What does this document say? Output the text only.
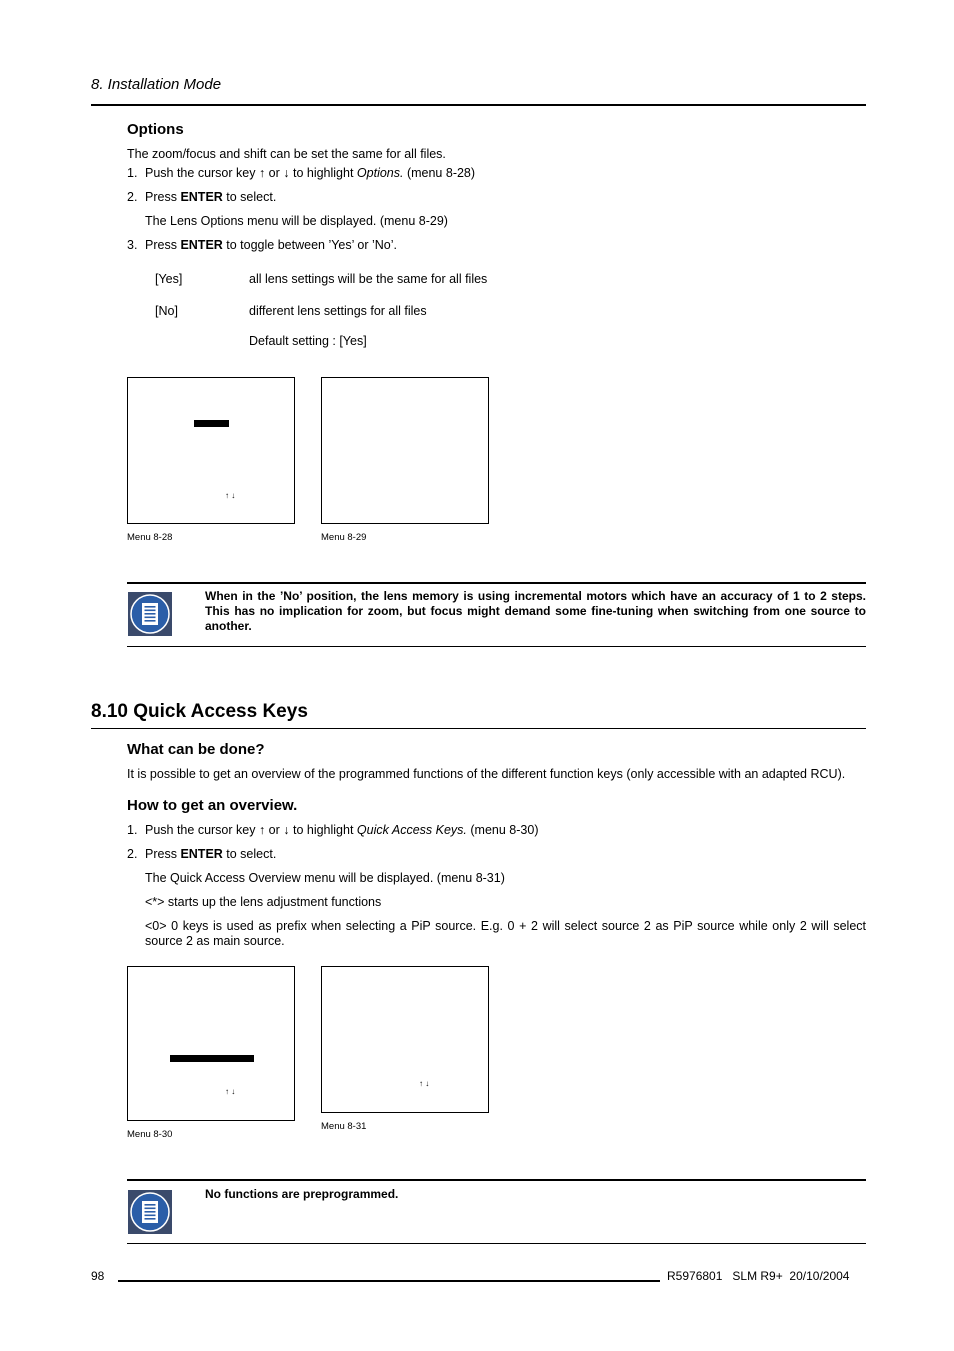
8. Installation Mode
Options
The zoom/focus and shift can be set the same for all files.
1. Push the cursor key ↑ or ↓ to highlight Options. (menu 8-28)
2. Press ENTER to select.
The Lens Options menu will be displayed. (menu 8-29)
3. Press ENTER to toggle between ’Yes’ or ’No’.
[Yes]	all lens settings will be the same for all files
[No]	different lens settings for all files
Default setting : [Yes]
↑ ↓
Menu 8-28	Menu 8-29
When in the ’No’ position, the lens memory is using incremental motors which have an accuracy of 1 to 2 steps. This has no implication for zoom, but focus might demand some fine-tuning when switching from one source to another.
8.10 Quick Access Keys
What can be done?
It is possible to get an overview of the programmed functions of the different function keys (only accessible with an adapted RCU).
How to get an overview.
1. Push the cursor key ↑ or ↓ to highlight Quick Access Keys. (menu 8-30)
2. Press ENTER to select.
The Quick Access Overview menu will be displayed. (menu 8-31)
<*> starts up the lens adjustment functions
<0> 0 keys is used as prefix when selecting a PiP source. E.g. 0 + 2 will select source 2 as PiP source while only 2 will select source 2 as main source.
↑ ↓
Menu 8-30
↑ ↓
Menu 8-31
No functions are preprogrammed.
98	R5976801   SLM R9+  20/10/2004
